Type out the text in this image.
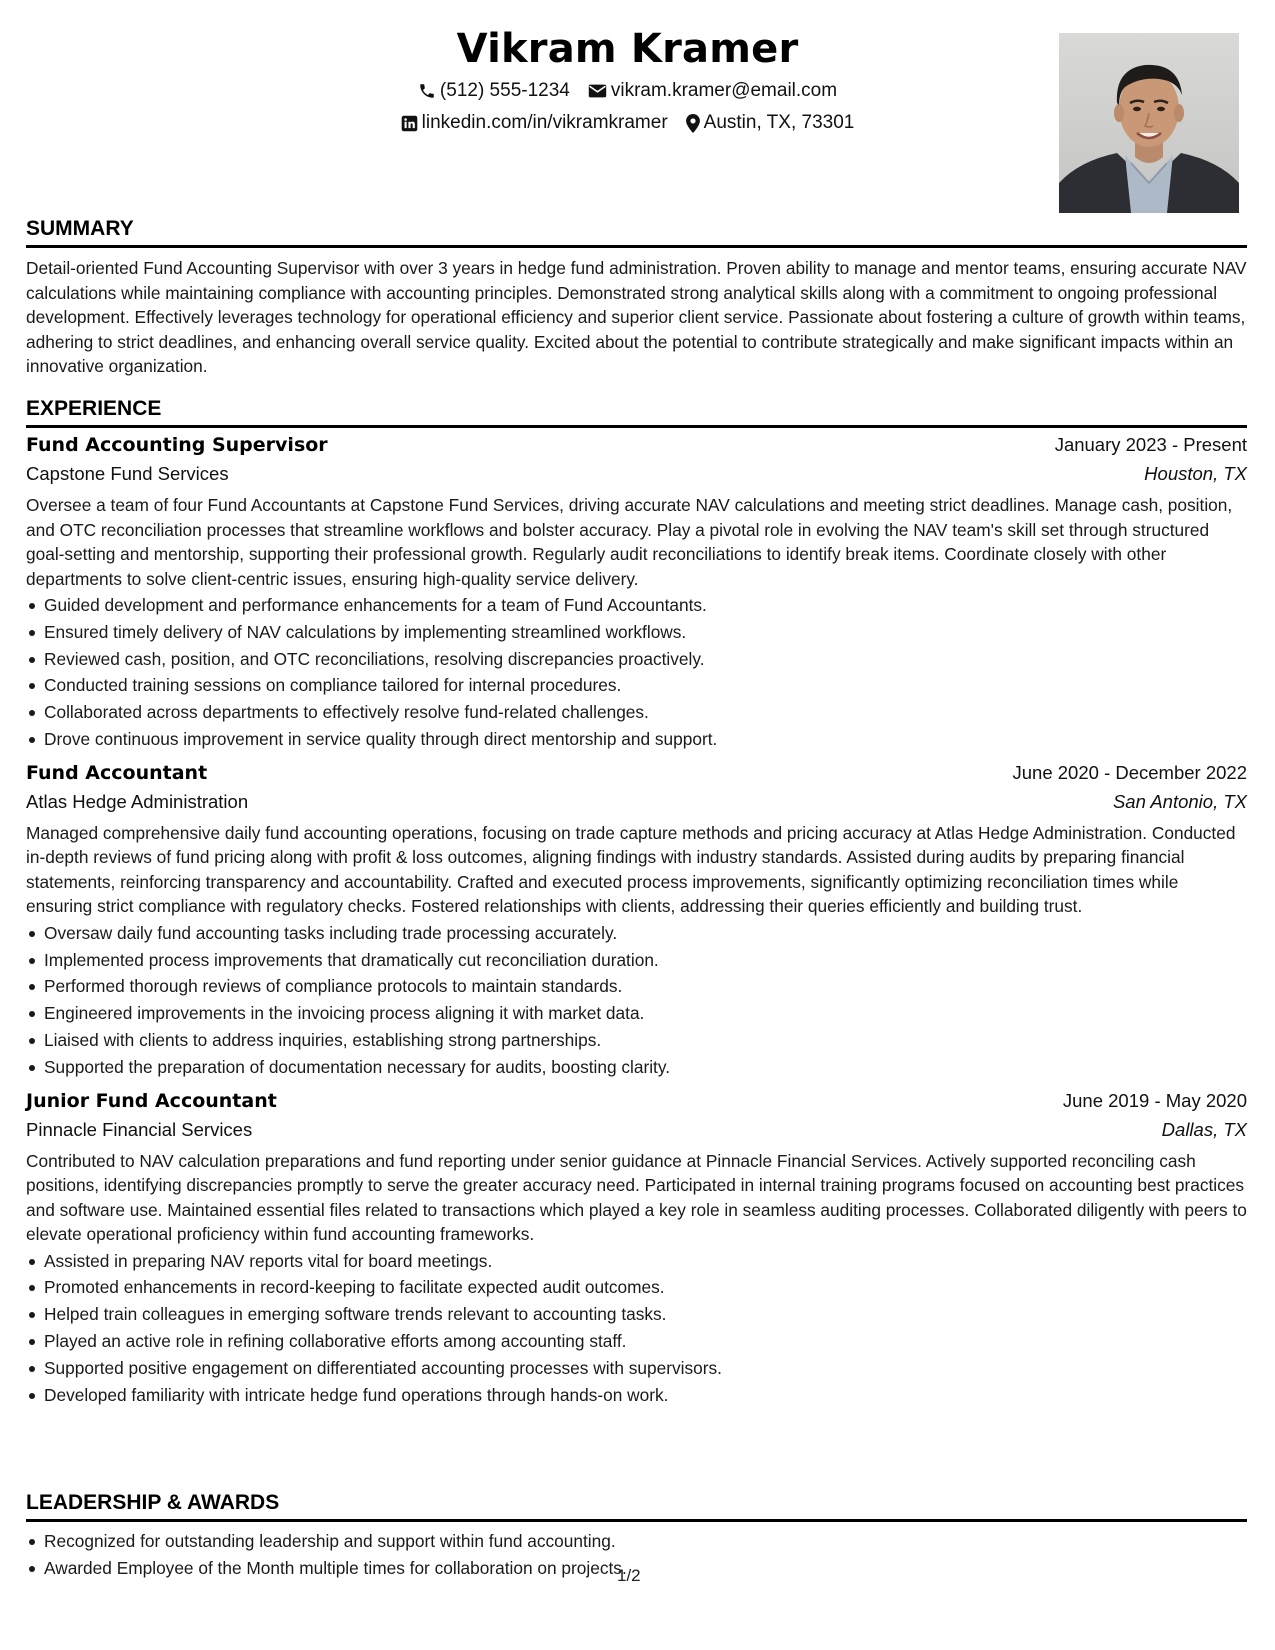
Vikram Kramer
(512) 555-1234 vikram.kramer@email.com
linkedin.com/in/vikramkramer Austin, TX, 73301
SUMMARY

Detail-oriented Fund Accounting Supervisor with over 3 years in hedge fund administration. Proven ability to manage and mentor teams, ensuring accurate NAV calculations while maintaining compliance with accounting principles. Demonstrated strong analytical skills along with a commitment to ongoing professional development. Effectively leverages technology for operational efficiency and superior client service. Passionate about fostering a culture of growth within teams, adhering to strict deadlines, and enhancing overall service quality. Excited about the potential to contribute strategically and make significant impacts within an innovative organization.

EXPERIENCE
Fund Accounting Supervisor	January 2023 - Present
Capstone Fund Services	Houston, TX

Oversee a team of four Fund Accountants at Capstone Fund Services, driving accurate NAV calculations and meeting strict deadlines. Manage cash, position, and OTC reconciliation processes that streamline workflows and bolster accuracy. Play a pivotal role in evolving the NAV team's skill set through structured goal-setting and mentorship, supporting their professional growth. Regularly audit reconciliations to identify break items. Coordinate closely with other departments to solve client-centric issues, ensuring high-quality service delivery.

Guided development and performance enhancements for a team of Fund Accountants.
Ensured timely delivery of NAV calculations by implementing streamlined workflows.
Reviewed cash, position, and OTC reconciliations, resolving discrepancies proactively.
Conducted training sessions on compliance tailored for internal procedures.
Collaborated across departments to effectively resolve fund-related challenges.
Drove continuous improvement in service quality through direct mentorship and support.
Fund Accountant	June 2020 - December 2022
Atlas Hedge Administration	San Antonio, TX

Managed comprehensive daily fund accounting operations, focusing on trade capture methods and pricing accuracy at Atlas Hedge Administration. Conducted in-depth reviews of fund pricing along with profit & loss outcomes, aligning findings with industry standards. Assisted during audits by preparing financial statements, reinforcing transparency and accountability. Crafted and executed process improvements, significantly optimizing reconciliation times while ensuring strict compliance with regulatory checks. Fostered relationships with clients, addressing their queries efficiently and building trust.

Oversaw daily fund accounting tasks including trade processing accurately.
Implemented process improvements that dramatically cut reconciliation duration.
Performed thorough reviews of compliance protocols to maintain standards.
Engineered improvements in the invoicing process aligning it with market data.
Liaised with clients to address inquiries, establishing strong partnerships.
Supported the preparation of documentation necessary for audits, boosting clarity.
Junior Fund Accountant	June 2019 - May 2020
Pinnacle Financial Services	Dallas, TX

Contributed to NAV calculation preparations and fund reporting under senior guidance at Pinnacle Financial Services. Actively supported reconciling cash positions, identifying discrepancies promptly to serve the greater accuracy need. Participated in internal training programs focused on accounting best practices and software use. Maintained essential files related to transactions which played a key role in seamless auditing processes. Collaborated diligently with peers to elevate operational proficiency within fund accounting frameworks.

Assisted in preparing NAV reports vital for board meetings.
Promoted enhancements in record-keeping to facilitate expected audit outcomes.
Helped train colleagues in emerging software trends relevant to accounting tasks.
Played an active role in refining collaborative efforts among accounting staff.
Supported positive engagement on differentiated accounting processes with supervisors.
Developed familiarity with intricate hedge fund operations through hands-on work.
LEADERSHIP & AWARDS
Recognized for outstanding leadership and support within fund accounting.
Awarded Employee of the Month multiple times for collaboration on projects.
1/2
